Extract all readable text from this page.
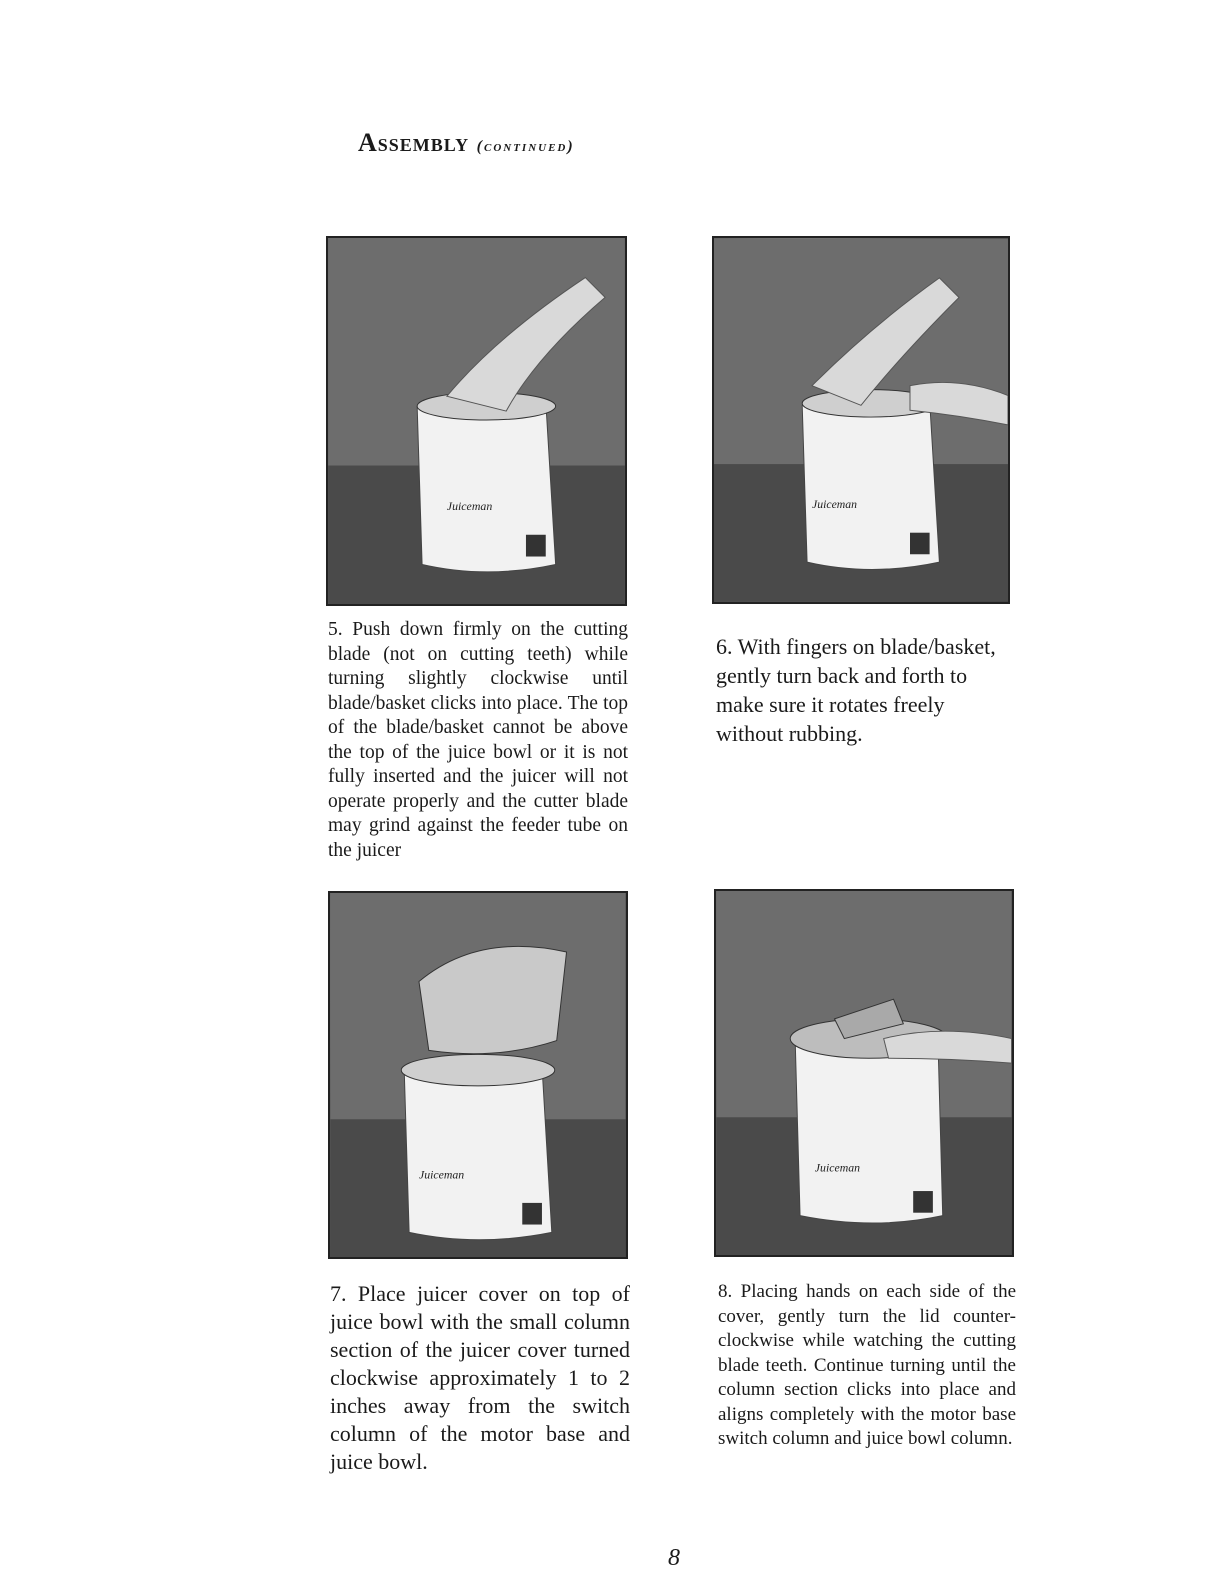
Assembly (continued)
Juiceman	Juiceman

5. Push down firmly on the cutting blade (not on cutting teeth) while turning slightly clockwise until blade/basket clicks into place. The top of the blade/basket cannot be above the top of the juice bowl or it is not fully inserted and the juicer will not operate properly and the cutter blade may grind against the feeder tube on the juicer

6. With fingers on blade/basket, gently turn back and forth to make sure it rotates freely without rubbing.

Juiceman	Juiceman

7. Place juicer cover on top of juice bowl with the small column section of the juicer cover turned clockwise approximately 1 to 2 inches away from the switch column of the motor base and juice bowl.

8. Placing hands on each side of the cover, gently turn the lid counter-clockwise while watching the cutting blade teeth. Continue turning until the column section clicks into place and aligns completely with the motor base switch column and juice bowl column.

8
